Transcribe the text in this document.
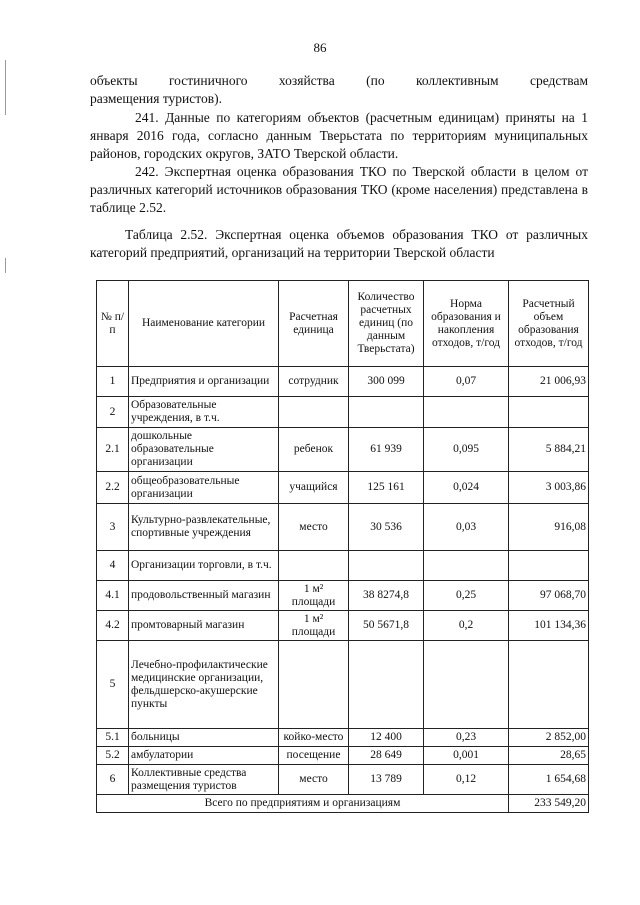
86
объекты гостиничного хозяйства (по коллективным средствам
размещения туристов).
241. Данные по категориям объектов (расчетным единицам) приняты на 1 января 2016 года, согласно данным Тверьстата по территориям муниципальных районов, городских округов, ЗАТО Тверской области.
242. Экспертная оценка образования ТКО по Тверской области в целом от различных категорий источников образования ТКО (кроме населения) представлена в таблице 2.52.
Таблица 2.52. Экспертная оценка объемов образования ТКО от различных категорий предприятий, организаций на территории Тверской области
№ п/п	Наименование категории	Расчетная единица	Количество расчетных единиц (по данным Тверьстата)	Норма образования и накопления отходов, т/год	Расчетный объем образования отходов, т/год
1	Предприятия и организации	сотрудник	300 099	0,07	21 006,93
2	Образовательные учреждения, в т.ч.				
2.1	дошкольные образовательные организации	ребенок	61 939	0,095	5 884,21
2.2	общеобразовательные организации	учащийся	125 161	0,024	3 003,86
3	Культурно-развлекательные, спортивные учреждения	место	30 536	0,03	916,08
4	Организации торговли, в т.ч.				
4.1	продовольственный магазин	1 м² площади	38 8274,8	0,25	97 068,70
4.2	промтоварный магазин	1 м² площади	50 5671,8	0,2	101 134,36
5	Лечебно-профилактические медицинские организации, фельдшерско-акушерские пункты				
5.1	больницы	койко-место	12 400	0,23	2 852,00
5.2	амбулатории	посещение	28 649	0,001	28,65
6	Коллективные средства размещения туристов	место	13 789	0,12	1 654,68
Всего по предприятиям и организациям					233 549,20
